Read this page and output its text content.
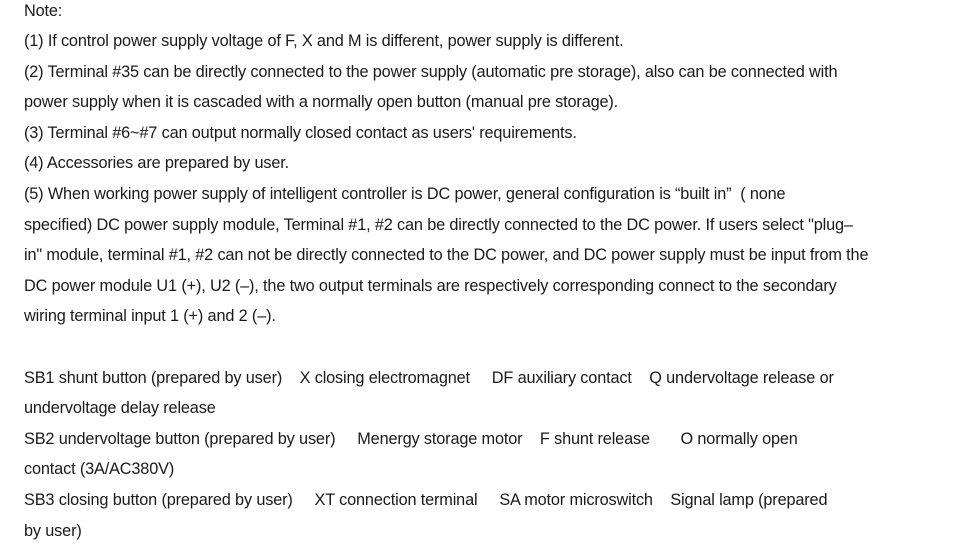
Note:
(1) If control power supply voltage of F, X and M is different, power supply is different.
(2) Terminal #35 can be directly connected to the power supply (automatic pre storage), also can be connected with
power supply when it is cascaded with a normally open button (manual pre storage).
(3) Terminal #6~#7 can output normally closed contact as users' requirements.
(4) Accessories are prepared by user.
(5) When working power supply of intelligent controller is DC power, general configuration is “built in”  ( none
specified) DC power supply module, Terminal #1, #2 can be directly connected to the DC power. If users select "plug–
in" module, terminal #1, #2 can not be directly connected to the DC power, and DC power supply must be input from the
DC power module U1 (+), U2 (–), the two output terminals are respectively corresponding connect to the secondary
wiring terminal input 1 (+) and 2 (–).
SB1 shunt button (prepared by user)    X closing electromagnet     DF auxiliary contact    Q undervoltage release or
undervoltage delay release
SB2 undervoltage button (prepared by user)     Menergy storage motor    F shunt release       O normally open
contact (3A/AC380V)
SB3 closing button (prepared by user)     XT connection terminal     SA motor microswitch    Signal lamp (prepared
by user)
